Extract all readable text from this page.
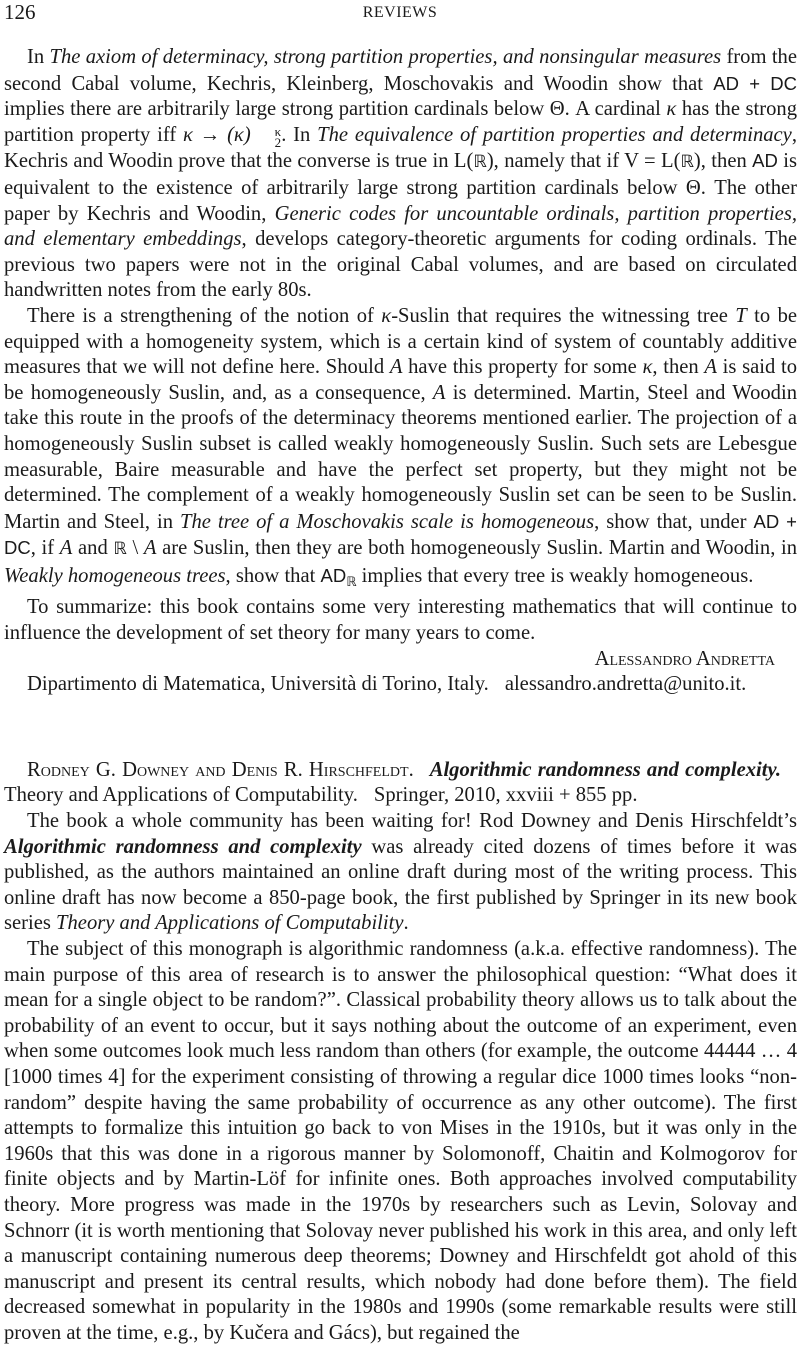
126	REVIEWS

In The axiom of determinacy, strong partition properties, and nonsingular measures from the second Cabal volume, Kechris, Kleinberg, Moschovakis and Woodin show that AD + DC implies there are arbitrarily large strong partition cardinals below Θ. A cardinal κ has the strong partition property iff κ → (κ)	κ
2 . In The equivalence of partition properties and determinacy, Kechris and Woodin prove that the converse is true in L(ℝ), namely that if V = L(ℝ), then AD is equivalent to the existence of arbitrarily large strong partition cardinals below Θ. The other paper by Kechris and Woodin, Generic codes for uncountable ordinals, partition properties, and elementary embeddings, develops category-theoretic arguments for coding ordinals. The previous two papers were not in the original Cabal volumes, and are based on circulated handwritten notes from the early 80s.

There is a strengthening of the notion of κ-Suslin that requires the witnessing tree T to be equipped with a homogeneity system, which is a certain kind of system of countably additive measures that we will not define here. Should A have this property for some κ, then A is said to be homogeneously Suslin, and, as a consequence, A is determined. Martin, Steel and Woodin take this route in the proofs of the determinacy theorems mentioned earlier. The projection of a homogeneously Suslin subset is called weakly homogeneously Suslin. Such sets are Lebesgue measurable, Baire measurable and have the perfect set property, but they might not be determined. The complement of a weakly homogeneously Suslin set can be seen to be Suslin. Martin and Steel, in The tree of a Moschovakis scale is homogeneous, show that, under AD + DC, if A and ℝ \ A are Suslin, then they are both homogeneously Suslin. Martin and Woodin, in Weakly homogeneous trees, show that $AD_ℝ$ implies that every tree is weakly homogeneous.

To summarize: this book contains some very interesting mathematics that will continue to influence the development of set theory for many years to come.

Alessandro Andretta

Dipartimento di Matematica, Università di Torino, Italy. alessandro.andretta@unito.it.

Rodney G. Downey and Denis R. Hirschfeldt. Algorithmic randomness and complexity.Theory and Applications of Computability. Springer, 2010, xxviii + 855 pp.

The book a whole community has been waiting for! Rod Downey and Denis Hirschfeldt’s Algorithmic randomness and complexity was already cited dozens of times before it was published, as the authors maintained an online draft during most of the writing process. This online draft has now become a 850-page book, the first published by Springer in its new book series Theory and Applications of Computability.

The subject of this monograph is algorithmic randomness (a.k.a. effective randomness). The main purpose of this area of research is to answer the philosophical question: “What does it mean for a single object to be random?”. Classical probability theory allows us to talk about the probability of an event to occur, but it says nothing about the outcome of an experiment, even when some outcomes look much less random than others (for example, the outcome 44444 … 4 [1000 times 4] for the experiment consisting of throwing a regular dice 1000 times looks “non-random” despite having the same probability of occurrence as any other outcome). The first attempts to formalize this intuition go back to von Mises in the 1910s, but it was only in the 1960s that this was done in a rigorous manner by Solomonoff, Chaitin and Kolmogorov for finite objects and by Martin-Löf for infinite ones. Both approaches involved computability theory. More progress was made in the 1970s by researchers such as Levin, Solovay and Schnorr (it is worth mentioning that Solovay never published his work in this area, and only left a manuscript containing numerous deep theorems; Downey and Hirschfeldt got ahold of this manuscript and present its central results, which nobody had done before them). The field decreased somewhat in popularity in the 1980s and 1990s (some remarkable results were still proven at the time, e.g., by Kučera and Gács), but regained the
